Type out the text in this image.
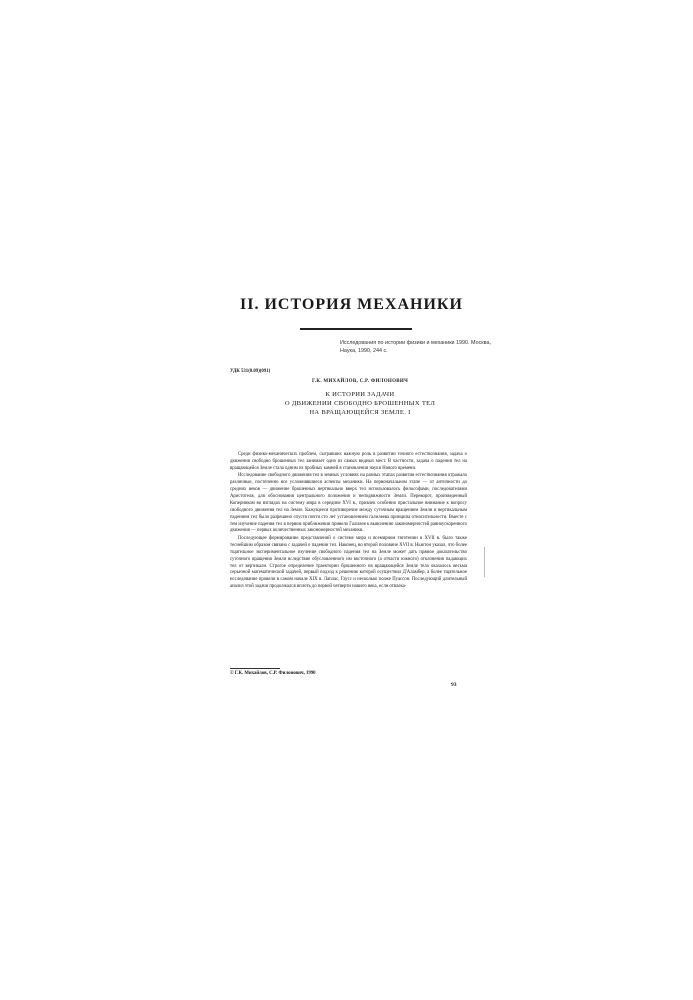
II. ИСТОРИЯ МЕХАНИКИ
Исследования по истории физики и механики 1990. Москва, Наука, 1990, 244 с.
УДК 531(0.09)(091)
Г.К. МИХАЙЛОВ, С.Р. ФИЛОНОВИЧ
К ИСТОРИИ ЗАДАЧИ
О ДВИЖЕНИИ СВОБОДНО БРОШЕННЫХ ТЕЛ
НА ВРАЩАЮЩЕЙСЯ ЗЕМЛЕ. I

Среди физико-механических проблем, сыгравших важную роль в развитии точного естествознания, задача о движении свободно брошенных тел занимает одно из самых видных мест. В частности, задача о падении тел на вращающейся Земле стала одним из пробных камней в становлении науки Нового времени.

Исследование свободного движения тел в земных условиях на разных этапах развития естествознания отражало различные, постепенно все усложнявшиеся аспекты механики. На первоначальном этапе — от античности до средних веков — движение брошенных вертикально вверх тел использовалось философами, последователями Аристотеля, для обоснования центрального положения и неподвижности Земли. Переворот, произведенный Коперником во взглядах на систему мира в середине XVI в., привлек особенно пристальное внимание к вопросу свободного движения тел на Земле. Кажущееся противоречие между суточным вращением Земли и вертикальным падением тел было разрешено спустя почти сто лет установлением галилеева принципа относительности. Вместе с тем изучение падения тел в первом приближении привело Галилея к выяснению закономерностей равноускоренного движения — первых количественных закономерностей механики.

Последующее формирование представлений о системе мира и всемирном тяготении в XVII в. было также теснейшим образом связано с задачей о падении тел. Наконец, во второй половине XVII в. Ньютон указал, что более тщательное экспериментальное изучение свободного падения тел на Земле может дать прямое доказательство суточного вращения Земли вследствие обусловленного им восточного (а отчасти южного) отклонения падающих тел от вертикали. Строгое определение траектории брошенного на вращающейся Земле тела оказалось весьма серьезной математической задачей, первый подход к решению которой осуществил Д'Аламбер, а более тщательное исследование провели в самом начале XIX в. Лаплас, Гаусс и несколько позже Пуассон. Последующий длительный анализ этой задачи продолжался вплоть до первой четверти нашего века, если отвлека-

© Г.К. Михайлов, С.Р. Филонович, 1990
93
